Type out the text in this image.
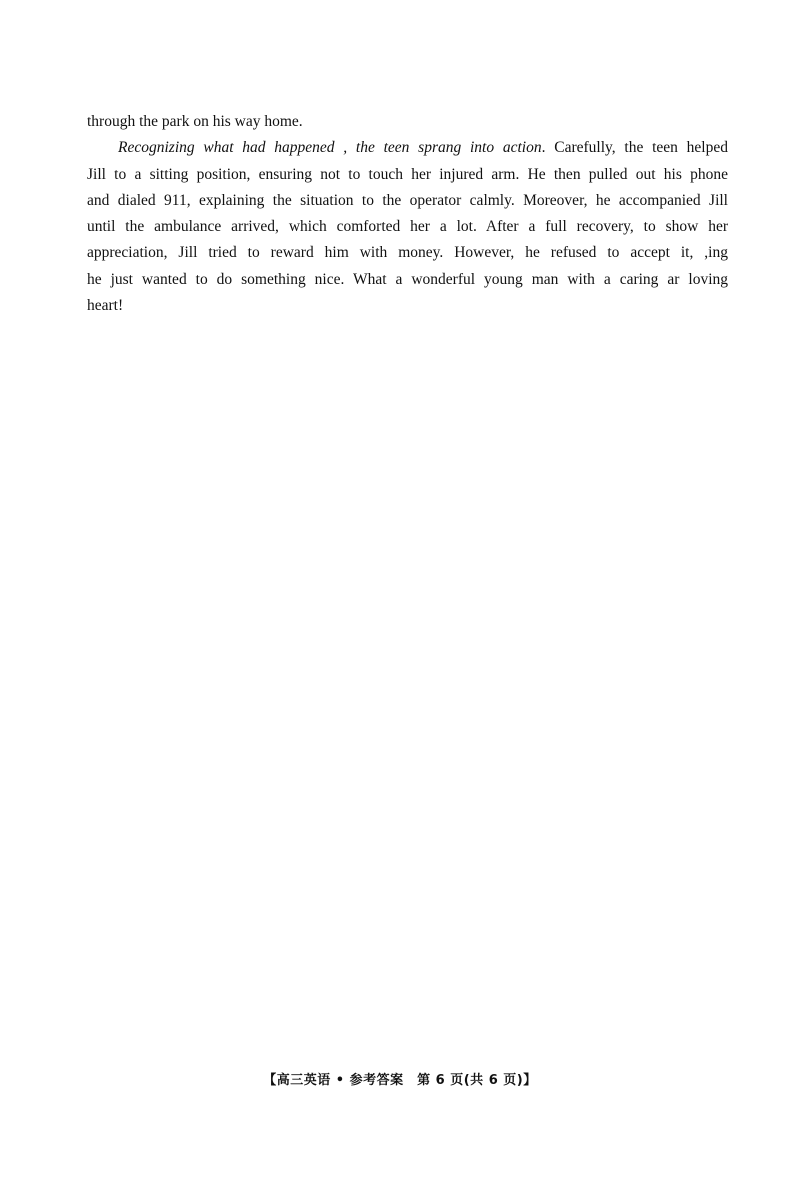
through the park on his way home.
Recognizing what had happened , the teen sprang into action. Carefully, the teen helped
Jill to a sitting position, ensuring not to touch her injured arm. He then pulled out his phone
and dialed 911, explaining the situation to the operator calmly. Moreover, he accompanied Jill
until the ambulance arrived, which comforted her a lot. After a full recovery, to show her
appreciation, Jill tried to reward him with money. However, he refused to accept it, ,ing
he just wanted to do something nice. What a wonderful young man with a caring ar loving
heart!
【高三英语 • 参考答案　第 6 页(共 6 页)】
